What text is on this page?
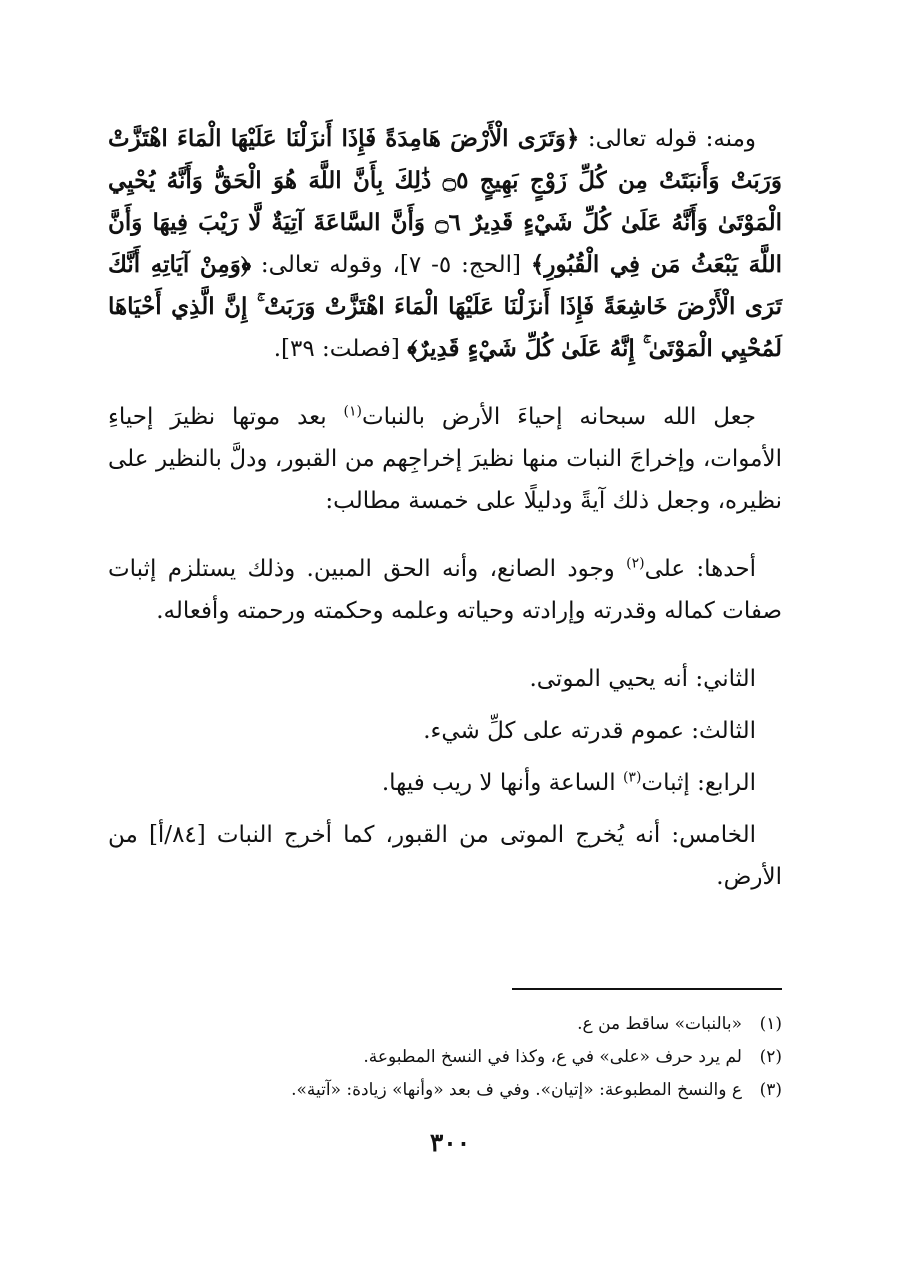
ومنه: قوله تعالى: ﴿وَتَرَى الْأَرْضَ هَامِدَةً فَإِذَا أَنزَلْنَا عَلَيْهَا الْمَاءَ اهْتَزَّتْ وَرَبَتْ وَأَنبَتَتْ مِن كُلِّ زَوْجٍ بَهِيجٍ ۝٥ ذَٰلِكَ بِأَنَّ اللَّهَ هُوَ الْحَقُّ وَأَنَّهُ يُحْيِي الْمَوْتَىٰ وَأَنَّهُ عَلَىٰ كُلِّ شَيْءٍ قَدِيرٌ ۝٦ وَأَنَّ السَّاعَةَ آتِيَةٌ لَّا رَيْبَ فِيهَا وَأَنَّ اللَّهَ يَبْعَثُ مَن فِي الْقُبُورِ﴾ [الحج: ٥- ٧]، وقوله تعالى: ﴿وَمِنْ آيَاتِهِ أَنَّكَ تَرَى الْأَرْضَ خَاشِعَةً فَإِذَا أَنزَلْنَا عَلَيْهَا الْمَاءَ اهْتَزَّتْ وَرَبَتْ ۚ إِنَّ الَّذِي أَحْيَاهَا لَمُحْيِي الْمَوْتَىٰ ۚ إِنَّهُ عَلَىٰ كُلِّ شَيْءٍ قَدِيرٌ﴾ [فصلت: ٣٩].
جعل الله سبحانه إحياءَ الأرض بالنبات$^{(١)}$ بعد موتها نظيرَ إحياءِ الأموات، وإخراجَ النبات منها نظيرَ إخراجِهم من القبور، ودلَّ بالنظير على نظيره، وجعل ذلك آيةً ودليلًا على خمسة مطالب:
أحدها: على$^{(٢)}$ وجود الصانع، وأنه الحق المبين. وذلك يستلزم إثبات صفات كماله وقدرته وإرادته وحياته وعلمه وحكمته ورحمته وأفعاله.
الثاني: أنه يحيي الموتى.
الثالث: عموم قدرته على كلِّ شيء.
الرابع: إثبات$^{(٣)}$ الساعة وأنها لا ريب فيها.
الخامس: أنه يُخرج الموتى من القبور، كما أخرج النبات [٨٤/أ] من الأرض.
(١)«بالنبات» ساقط من ع.
(٢)لم يرد حرف «على» في ع، وكذا في النسخ المطبوعة.
(٣)ع والنسخ المطبوعة: «إتيان». وفي ف بعد «وأنها» زيادة: «آتية».
٣٠٠
